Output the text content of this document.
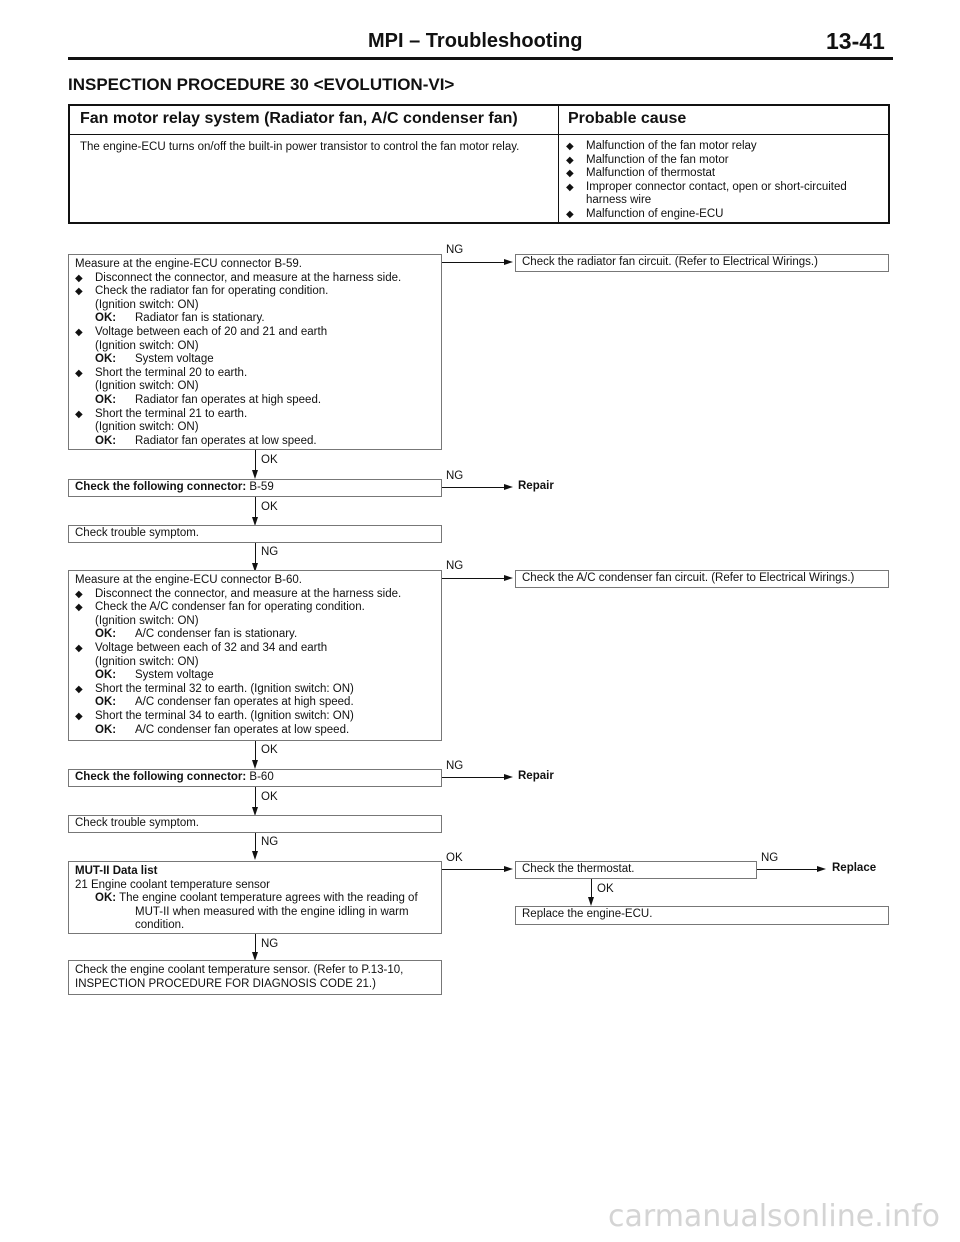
MPI – Troubleshooting	13-41
INSPECTION PROCEDURE 30 <EVOLUTION-VI>
Fan motor relay system (Radiator fan, A/C condenser fan)	Probable cause
The engine-ECU turns on/off the built-in power transistor to control the fan motor relay.
◆	Malfunction of the fan motor relay
◆ Malfunction of the fan motor
◆ Malfunction of thermostat
◆ Improper connector contact, open or short-circuited harness wire
◆ Malfunction of engine-ECU
Measure at the engine-ECU connector B-59.
◆ Disconnect the connector, and measure at the harness side.
◆ Check the radiator fan for operating condition.
(Ignition switch: ON)
OK: Radiator fan is stationary.
◆ Voltage between each of 20 and 21 and earth
(Ignition switch: ON)
OK: System voltage
◆ Short the terminal 20 to earth.
(Ignition switch: ON)
OK: Radiator fan operates at high speed.
◆ Short the terminal 21 to earth.
(Ignition switch: ON)
OK: Radiator fan operates at low speed.
NG
Check the radiator fan circuit. (Refer to Electrical Wirings.)
OK
Check the following connector: B-59
NG
Repair
OK
Check trouble symptom.
NG
Measure at the engine-ECU connector B-60.
◆ Disconnect the connector, and measure at the harness side.
◆ Check the A/C condenser fan for operating condition.
(Ignition switch: ON)
OK: A/C condenser fan is stationary.
◆ Voltage between each of 32 and 34 and earth
(Ignition switch: ON)
OK: System voltage
◆ Short the terminal 32 to earth. (Ignition switch: ON)
OK: A/C condenser fan operates at high speed.
◆ Short the terminal 34 to earth. (Ignition switch: ON)
OK: A/C condenser fan operates at low speed.
NG
Check the A/C condenser fan circuit. (Refer to Electrical Wirings.)
OK
Check the following connector: B-60
NG
Repair
OK
Check trouble symptom.
NG
MUT-II Data list
21 Engine coolant temperature sensor
OK: The engine coolant temperature agrees with the reading of MUT-II when measured with the engine idling in warm condition.
OK
Check the thermostat.
NG
Replace
OK
Replace the engine-ECU.
NG
Check the engine coolant temperature sensor. (Refer to P.13-10, INSPECTION PROCEDURE FOR DIAGNOSIS CODE 21.)
carmanualsonline.info
